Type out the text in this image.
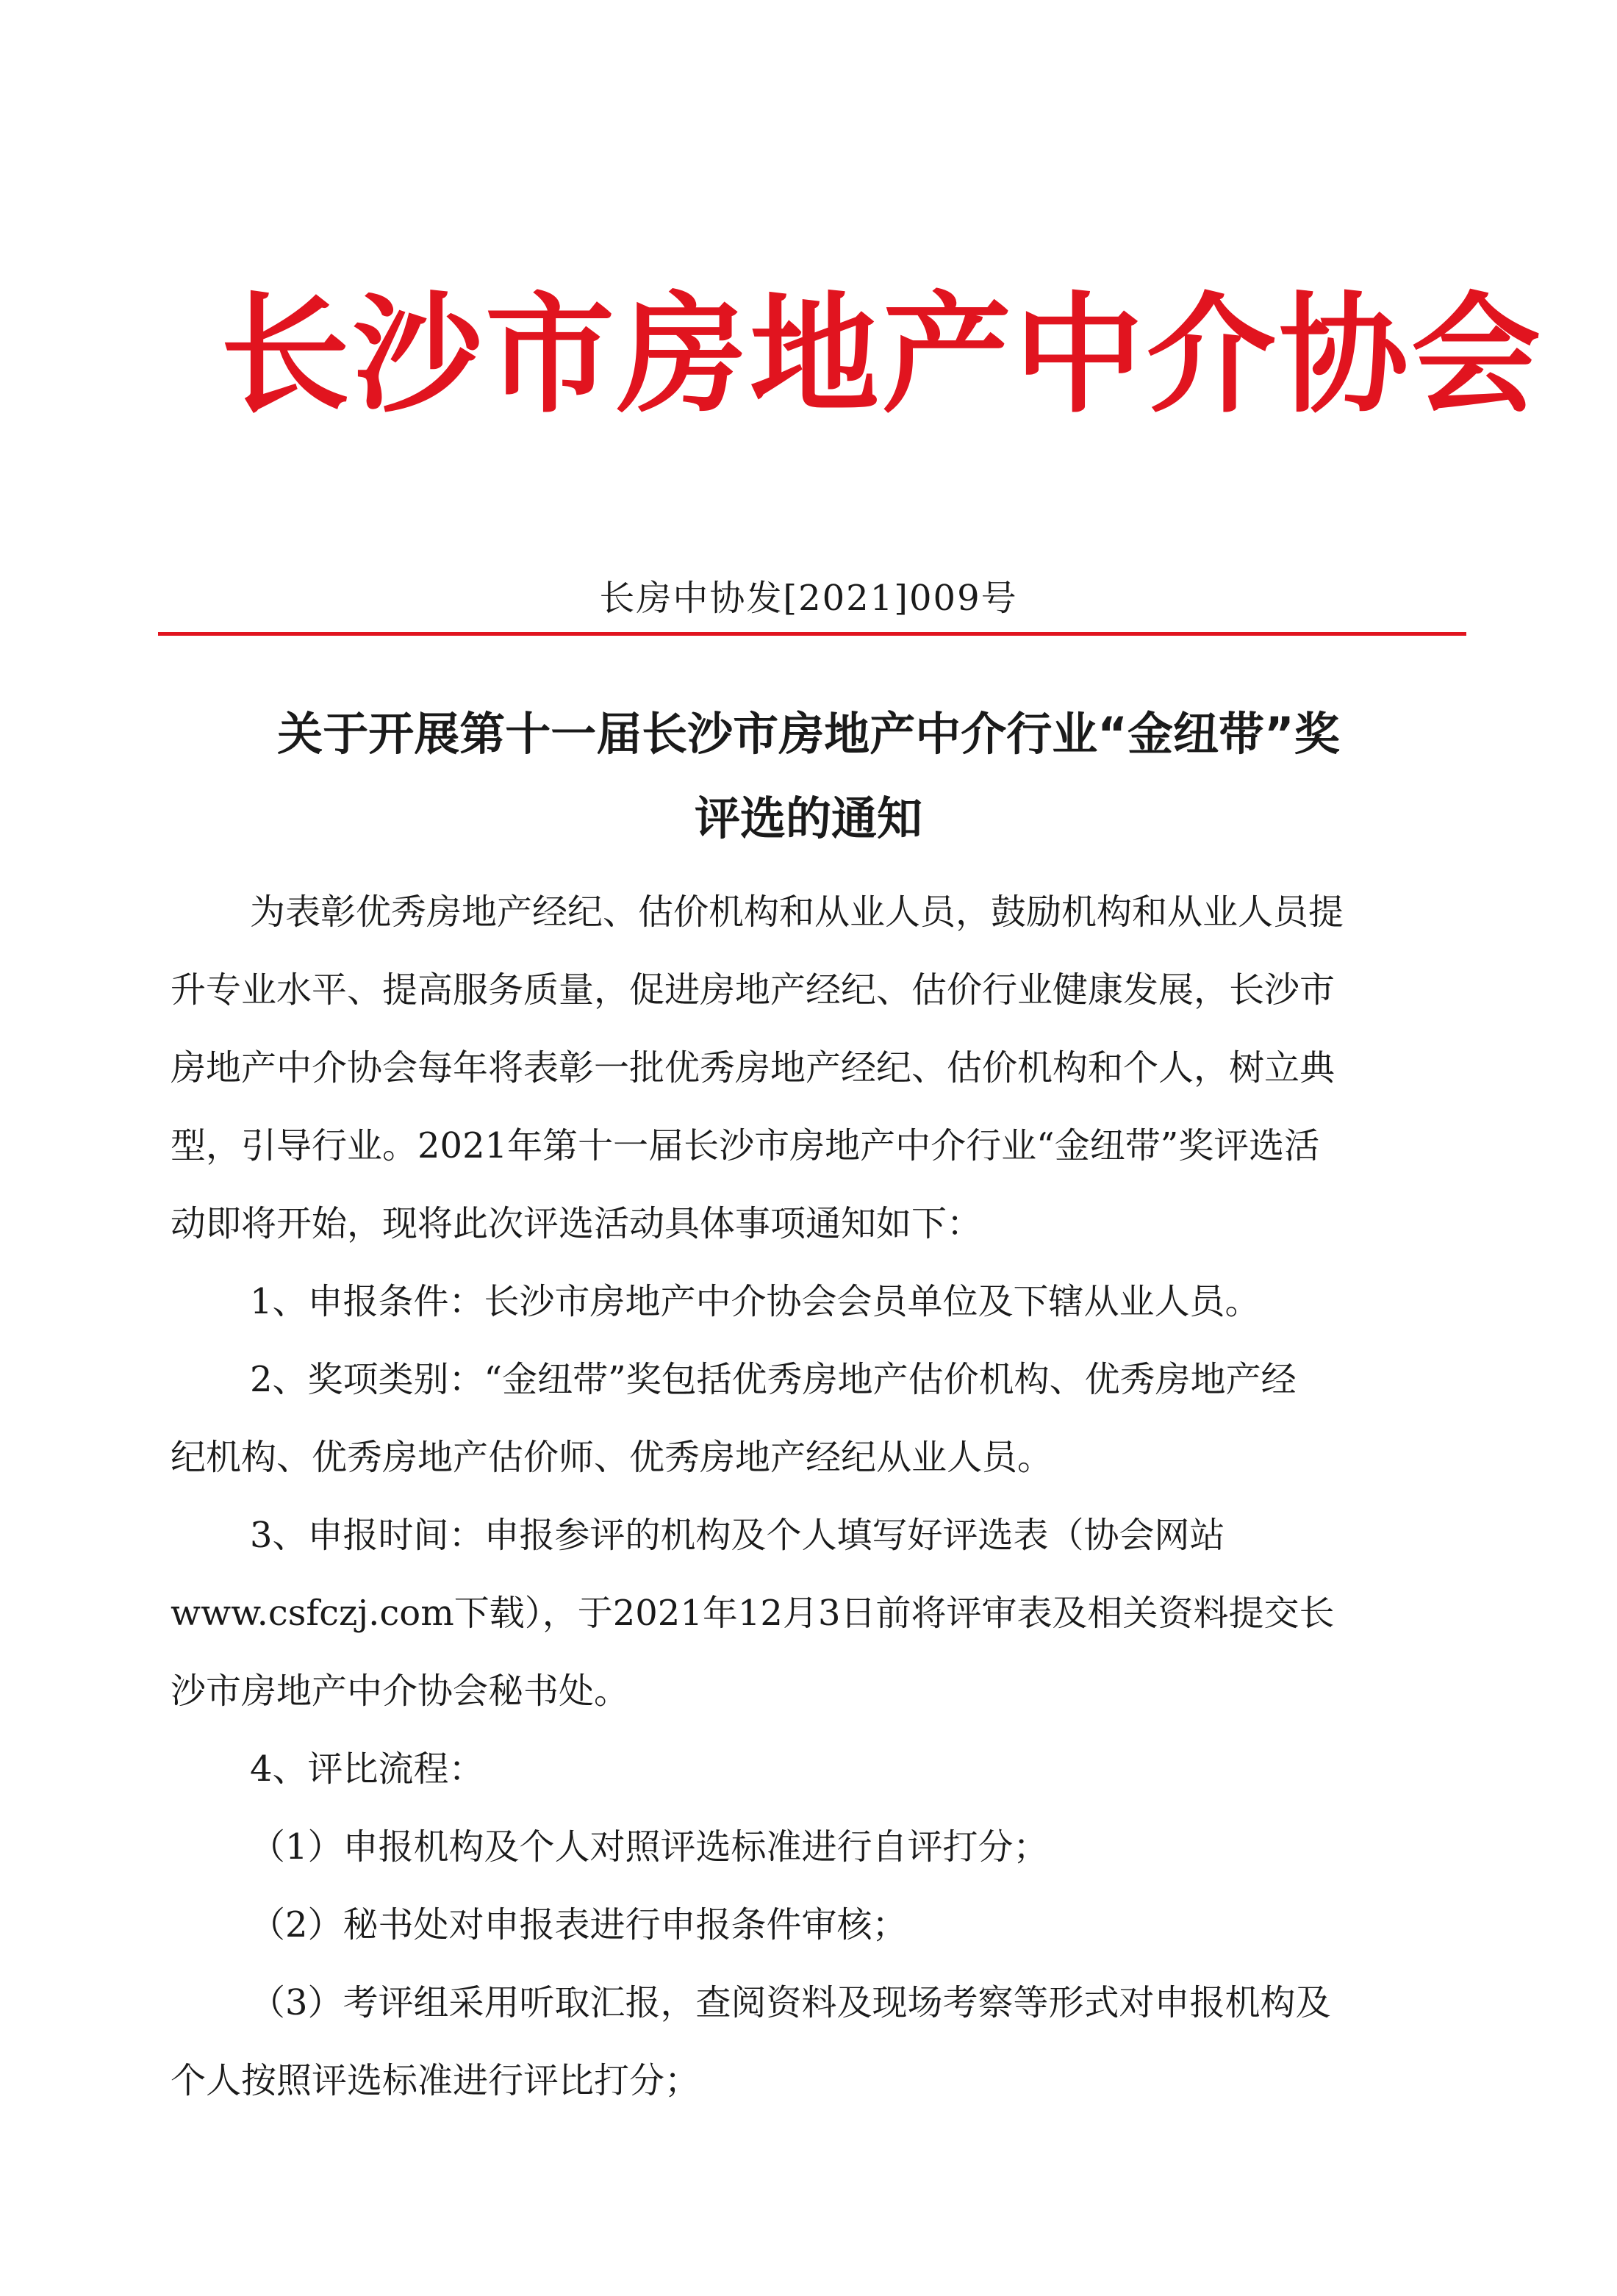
长沙市房地产中介协会
长房中协发[2021]009号
关于开展第十一届长沙市房地产中介行业“金纽带”奖
评选的通知
为表彰优秀房地产经纪、估价机构和从业人员，鼓励机构和从业人员提
升专业水平、提高服务质量，促进房地产经纪、估价行业健康发展，长沙市
房地产中介协会每年将表彰一批优秀房地产经纪、估价机构和个人，树立典
型，引导行业。2021年第十一届长沙市房地产中介行业“金纽带”奖评选活
动即将开始，现将此次评选活动具体事项通知如下：
1、申报条件：长沙市房地产中介协会会员单位及下辖从业人员。
2、奖项类别：“金纽带”奖包括优秀房地产估价机构、优秀房地产经
纪机构、优秀房地产估价师、优秀房地产经纪从业人员。
3、申报时间：申报参评的机构及个人填写好评选表（协会网站
www.csfczj.com下载），于2021年12月3日前将评审表及相关资料提交长
沙市房地产中介协会秘书处。
4、评比流程：
（1）申报机构及个人对照评选标准进行自评打分；
（2）秘书处对申报表进行申报条件审核；
（3）考评组采用听取汇报，查阅资料及现场考察等形式对申报机构及
个人按照评选标准进行评比打分；
